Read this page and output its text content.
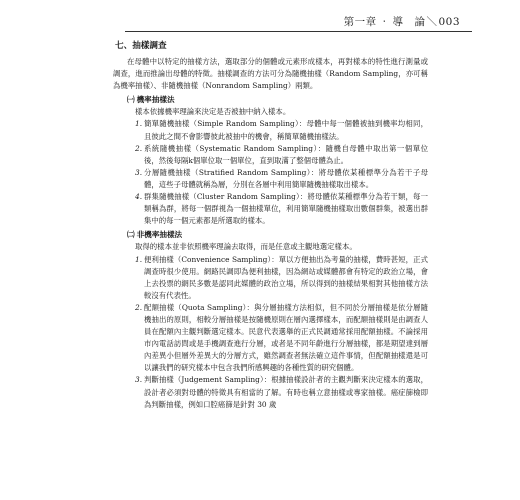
第一章 ‧ 導　論 ＼ 003
七、抽樣調查

在母體中以特定的抽樣方法，選取部分的個體或元素形成樣本，再對樣本的特性進行測量或調查，進而推論出母體的特徵。抽樣調查的方法可分為隨機抽樣（Random Sampling，亦可稱為機率抽樣）、非隨機抽樣（Nonrandom Sampling）兩類。

㈠ 機率抽樣法
樣本依據機率理論來決定是否被抽中納入樣本。
1. 簡單隨機抽樣（Simple Random Sampling）：母體中每一個體被抽到機率均相同，且彼此之間不會影響彼此被抽中的機會，稱簡單隨機抽樣法。
2. 系統隨機抽樣（Systematic Random Sampling）：隨機自母體中取出第一個單位後，然後每隔k個單位取一個單位，直到取滿了整個母體為止。
3. 分層隨機抽樣（Stratified Random Sampling）：將母體依某種標準分為若干子母體，這些子母體就稱為層，分別在各層中利用簡單隨機抽樣取出樣本。
4. 群集隨機抽樣（Cluster Random Sampling）：將母體依某種標準分為若干類，每一類稱為群，將每一個群視為一個抽樣單位，利用簡單隨機抽樣取出數個群集，被選出群集中的每一個元素都是所選取的樣本。
㈡ 非機率抽樣法
取得的樣本並非依照機率理論去取得，而是任意或主觀地選定樣本。
1. 便利抽樣（Convenience Sampling）：單以方便抽出為考量的抽樣，費時甚短，正式調查時很少使用。網路民調即為便利抽樣，因為網站或媒體都會有特定的政治立場，會上去投票的網民多數是認同此媒體的政治立場，所以得到的抽樣結果相對其他抽樣方法較沒有代表性。
2. 配額抽樣（Quota Sampling）：與分層抽樣方法相似，但不同於分層抽樣是依分層隨機抽出的原則，相較分層抽樣是按隨機原則在層內選擇樣本，而配額抽樣則是由調查人員在配額內主觀判斷選定樣本。民意代表選舉的正式民調通常採用配額抽樣。不論採用市內電話訪問或是手機調查進行分層，或者是不同年齡進行分層抽樣，都是期望達到層內差異小但層外差異大的分層方式，雖然調查者無法確立這件事情，但配額抽樣還是可以讓我們的研究樣本中包含我們所感興趣的各種性質的研究個體。
3. 判斷抽樣（Judgement Sampling）：根據抽樣設計者的主觀判斷來決定樣本的選取，設計者必須對母體的特徵具有相當的了解。有時也稱立意抽樣或專家抽樣。癌症篩檢即為判斷抽樣，例如口腔癌篩是針對 30 歲
